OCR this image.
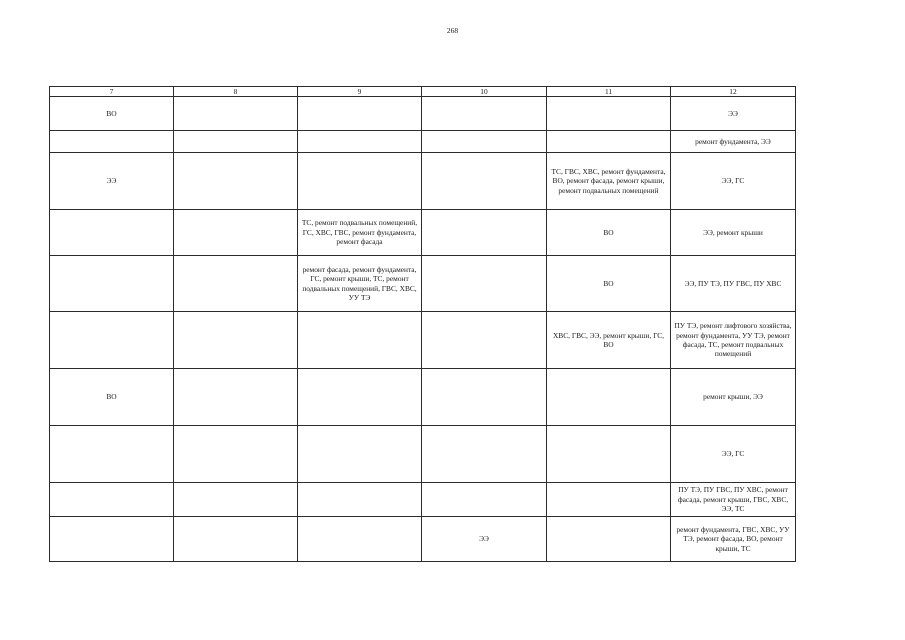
268
7	8	9	10	11	12
ВО					ЭЭ
					ремонт фундамента, ЭЭ
ЭЭ				ТС, ГВС, ХВС, ремонт фундамента, ВО, ремонт фасада, ремонт крыши, ремонт подвальных помещений	ЭЭ, ГС
		ТС, ремонт подвальных помещений, ГС, ХВС, ГВС, ремонт фундамента, ремонт фасада		ВО	ЭЭ, ремонт крыши
		ремонт фасада, ремонт фундамента, ГС, ремонт крыши, ТС, ремонт подвальных помещений, ГВС, ХВС, УУ ТЭ		ВО	ЭЭ, ПУ ТЭ, ПУ ГВС, ПУ ХВС
				ХВС, ГВС, ЭЭ, ремонт крыши, ГС, ВО	ПУ ТЭ, ремонт лифтового хозяйства, ремонт фундамента, УУ ТЭ, ремонт фасада, ТС, ремонт подвальных помещений
ВО					ремонт крыши, ЭЭ
					ЭЭ, ГС
					ПУ ТЭ, ПУ ГВС, ПУ ХВС, ремонт фасада, ремонт крыши, ГВС, ХВС, ЭЭ, ТС
			ЭЭ		ремонт фундамента, ГВС, ХВС, УУ ТЭ, ремонт фасада, ВО, ремонт крыши, ТС
